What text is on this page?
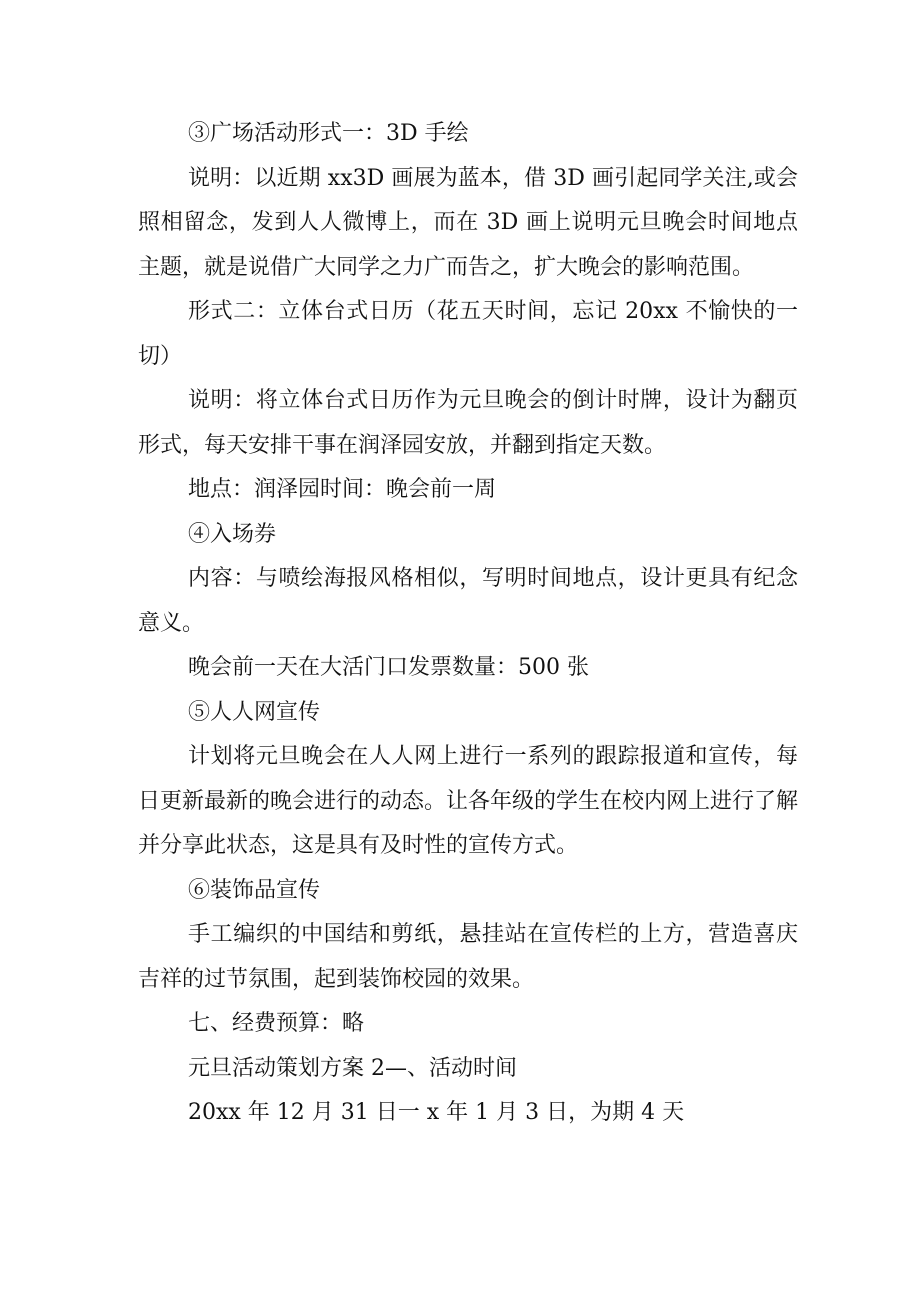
③广场活动形式一：3D 手绘

说明：以近期 xx3D 画展为蓝本，借 3D 画引起同学关注,或会照相留念，发到人人微博上，而在 3D 画上说明元旦晚会时间地点主题，就是说借广大同学之力广而告之，扩大晚会的影响范围。

形式二：立体台式日历（花五天时间，忘记 20xx 不愉快的一切）

说明：将立体台式日历作为元旦晚会的倒计时牌，设计为翻页形式，每天安排干事在润泽园安放，并翻到指定天数。

地点：润泽园时间：晚会前一周

④入场券

内容：与喷绘海报风格相似，写明时间地点，设计更具有纪念意义。

晚会前一天在大活门口发票数量：500 张

⑤人人网宣传

计划将元旦晚会在人人网上进行一系列的跟踪报道和宣传，每日更新最新的晚会进行的动态。让各年级的学生在校内网上进行了解并分享此状态，这是具有及时性的宣传方式。

⑥装饰品宣传

手工编织的中国结和剪纸，悬挂站在宣传栏的上方，营造喜庆吉祥的过节氛围，起到装饰校园的效果。

七、经费预算：略

元旦活动策划方案 2—、活动时间

20xx 年 12 月 31 日一 x 年 1 月 3 日，为期 4 天
